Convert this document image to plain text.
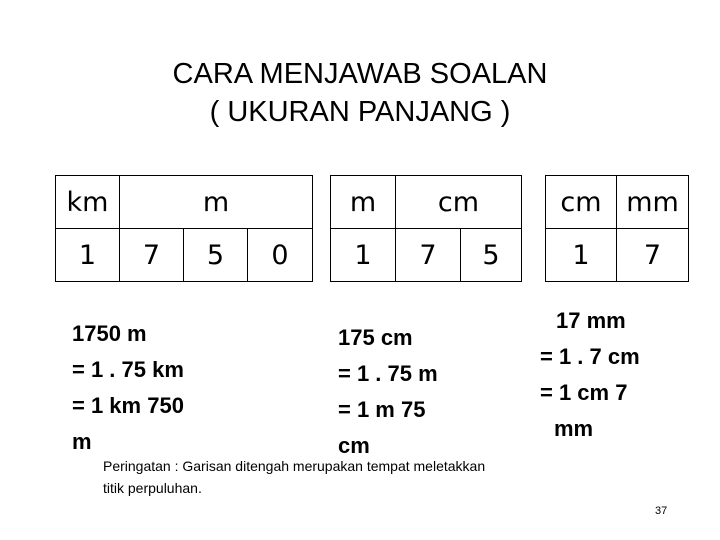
CARA MENJAWAB SOALAN
( UKURAN PANJANG )
km	m		
1	7	5	0
m	cm	
1	7	5
cm	mm
1	7
1750 m
= 1 . 75 km
= 1 km 750
m
175 cm
= 1 . 75 m
= 1 m 75
cm
17 mm
= 1 . 7 cm
= 1 cm 7
mm
Peringatan : Garisan ditengah merupakan tempat meletakkan
titik perpuluhan.
37
